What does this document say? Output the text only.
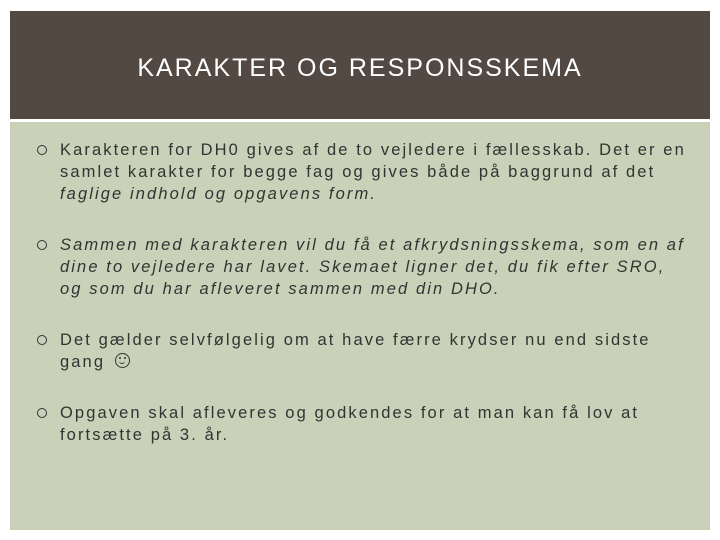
KARAKTER OG RESPONSSKEMA
Karakteren for DH0 gives af de to vejledere i fællesskab. Det er en samlet karakter for begge fag og gives både på baggrund af det faglige indhold og opgavens form.
Sammen med karakteren vil du få et afkrydsningsskema, som en af dine to vejledere har lavet. Skemaet ligner det, du fik efter SRO, og som du har afleveret sammen med din DHO.
Det gælder selvfølgelig om at have færre krydser nu end sidste gang
Opgaven skal afleveres og godkendes for at man kan få lov at fortsætte på 3. år.
